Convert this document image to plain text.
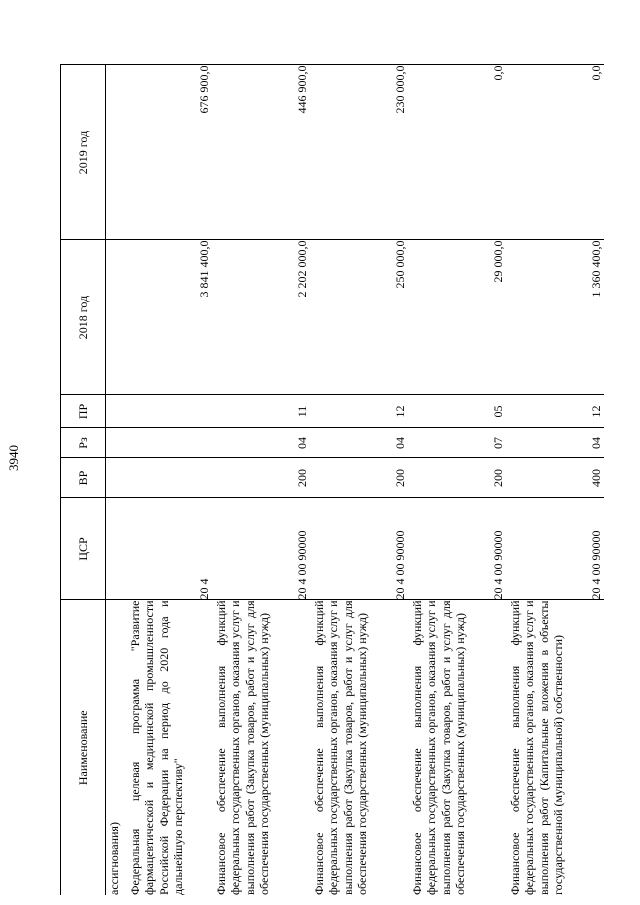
3940
Наименование	ЦСР	ВР	Рз	ПР	2018 год	2019 год
ассигнования)						
Федеральная целевая программа "Развитие фармацевтической и медицинской промышленности Российской Федерации на период до 2020 года и дальнейшую перспективу"	20 4				3 841 400,0	676 900,0
Финансовое обеспечение выполнения функций федеральных государственных органов, оказания услуг и выполнения работ (Закупка товаров, работ и услуг для обеспечения государственных (муниципальных) нужд)	20 4 00 90000	200	04	11	2 202 000,0	446 900,0
Финансовое обеспечение выполнения функций федеральных государственных органов, оказания услуг и выполнения работ (Закупка товаров, работ и услуг для обеспечения государственных (муниципальных) нужд)	20 4 00 90000	200	04	12	250 000,0	230 000,0
Финансовое обеспечение выполнения функций федеральных государственных органов, оказания услуг и выполнения работ (Закупка товаров, работ и услуг для обеспечения государственных (муниципальных) нужд)	20 4 00 90000	200	07	05	29 000,0	0,0
Финансовое обеспечение выполнения функций федеральных государственных органов, оказания услуг и выполнения работ (Капитальные вложения в объекты государственной (муниципальной) собственности)	20 4 00 90000	400	04	12	1 360 400,0	0,0
